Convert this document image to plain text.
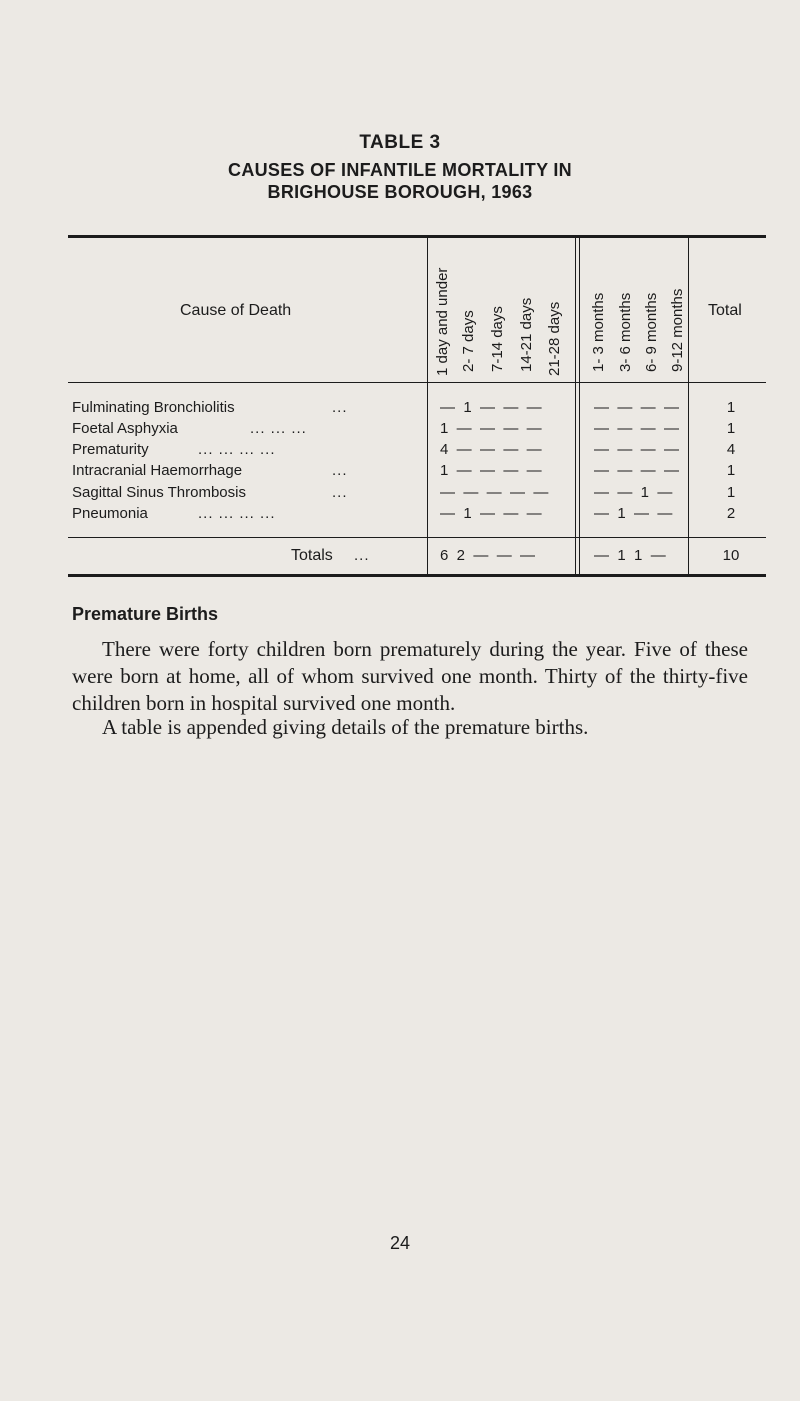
TABLE 3
CAUSES OF INFANTILE MORTALITY IN
BRIGHOUSE BOROUGH, 1963
Cause of Death	Total
1 day and under 2- 7 days 7-14 days 14-21 days 21-28 days 1- 3 months 3- 6 months 6- 9 months 9-12 months
Fulminating Bronchiolitis	...	—  1  —  —  —	—  —  —  —	1
Foetal Asphyxia	... ... ...	1  —  —  —  —	—  —  —  —	1
Prematurity	... ... ... ...	4  —  —  —  —	—  —  —  —	4
Intracranial Haemorrhage	...	1  —  —  —  —	—  —  —  —	1
Sagittal Sinus Thrombosis	...	—  —  —  —  —	—  —  1  —	1
Pneumonia	... ... ... ...	—  1  —  —  —	—  1  —  —	2
Totals ...	6  2  —  —  —	—  1  1  —	10
Premature Births
There were forty children born prematurely during the year. Five of these were born at home, all of whom survived one month. Thirty of the thirty-five children born in hospital survived one month.
A table is appended giving details of the premature births.
24
